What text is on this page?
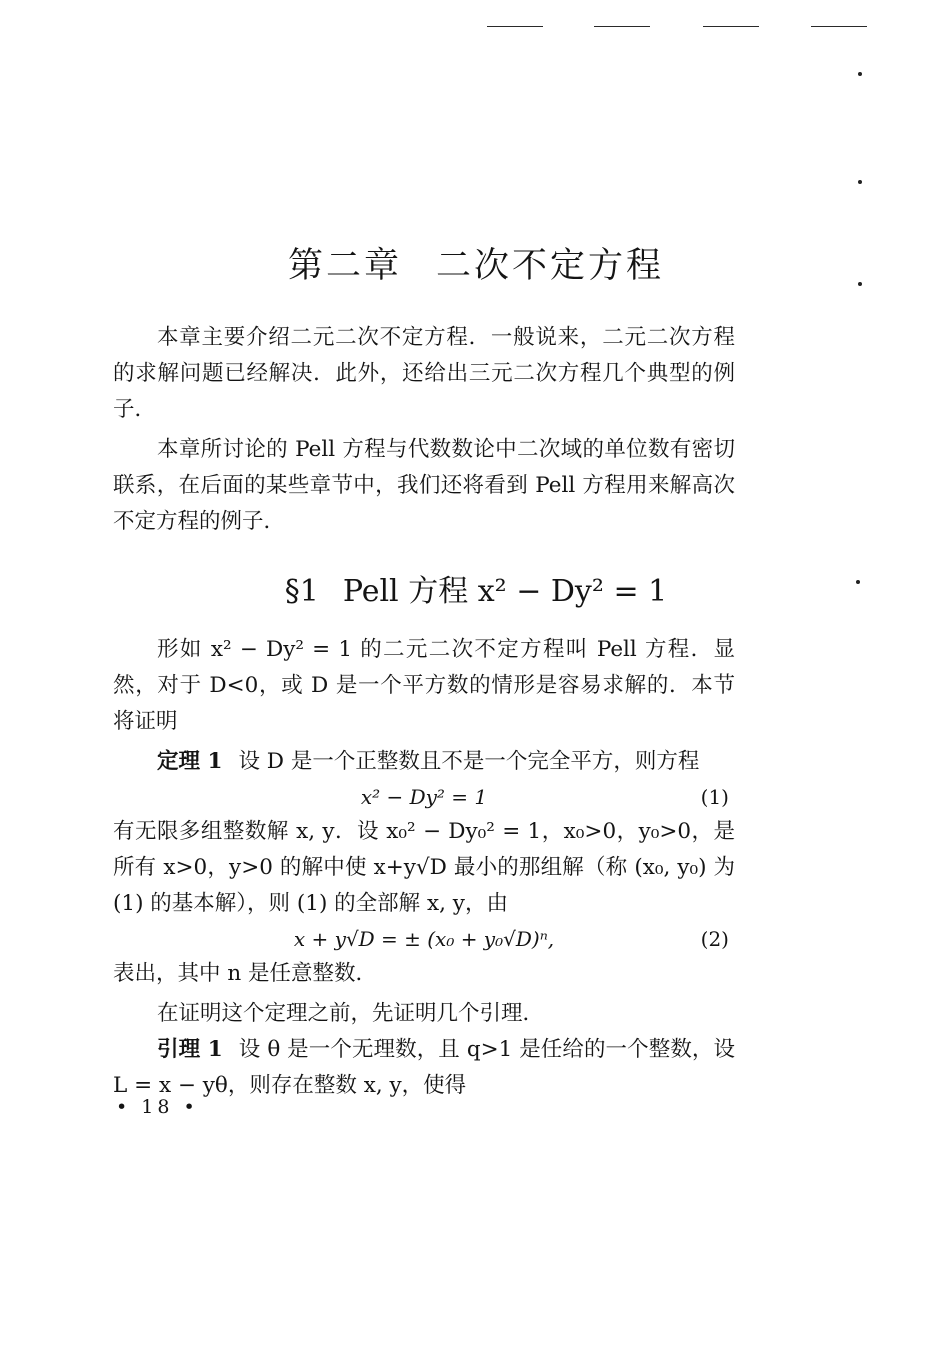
第二章 二次不定方程

本章主要介绍二元二次不定方程．一般说来，二元二次方程的求解问题已经解决．此外，还给出三元二次方程几个典型的例子．

本章所讨论的 Pell 方程与代数数论中二次域的单位数有密切联系，在后面的某些章节中，我们还将看到 Pell 方程用来解高次不定方程的例子．

§1 Pell 方程 x² − Dy² = 1

形如 x² − Dy² = 1 的二元二次不定方程叫 Pell 方程．显然，对于 D<0，或 D 是一个平方数的情形是容易求解的．本节将证明

定理 1 设 D 是一个正整数且不是一个完全平方，则方程

x² − Dy² = 1	(1)

有无限多组整数解 x, y．设 x₀² − Dy₀² = 1，x₀>0，y₀>0，是所有 x>0，y>0 的解中使 x+y√D 最小的那组解（称 (x₀, y₀) 为 (1) 的基本解），则 (1) 的全部解 x, y，由

x + y√D = ± (x₀ + y₀√D)ⁿ,	(2)

表出，其中 n 是任意整数．

在证明这个定理之前，先证明几个引理．

引理 1 设 θ 是一个无理数，且 q>1 是任给的一个整数，设 L = x − yθ，则存在整数 x, y，使得

• 18 •
